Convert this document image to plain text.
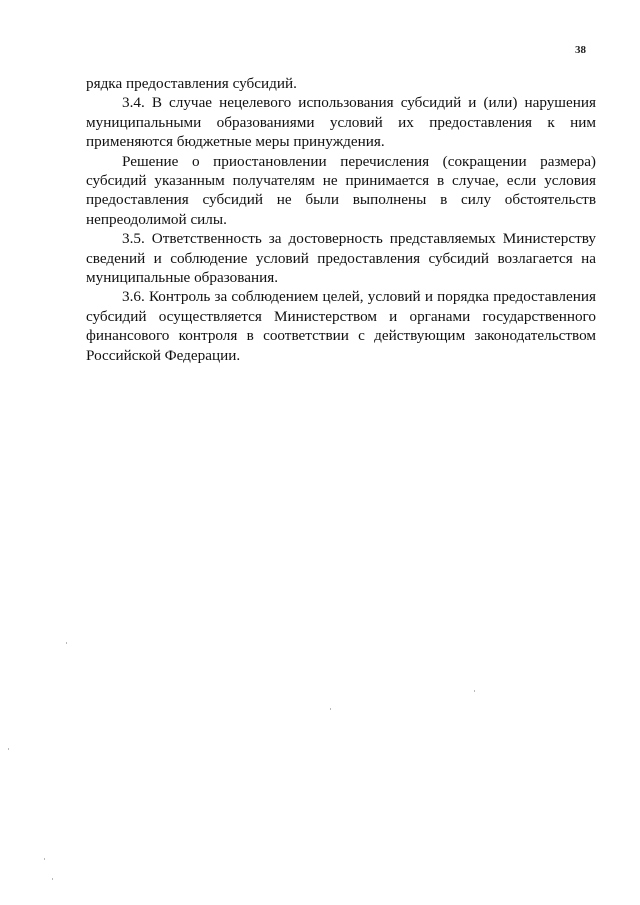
38

рядка предоставления субсидий.

3.4. В случае нецелевого использования субсидий и (или) нарушения муниципальными образованиями условий их предоставления к ним применяются бюджетные меры принуждения.

Решение о приостановлении перечисления (сокращении размера) субсидий указанным получателям не принимается в случае, если условия предоставления субсидий не были выполнены в силу обстоятельств непреодолимой силы.

3.5. Ответственность за достоверность представляемых Министерству сведений и соблюдение условий предоставления субсидий возлагается на муниципальные образования.

3.6. Контроль за соблюдением целей, условий и порядка предоставления субсидий осуществляется Министерством и органами государственного финансового контроля в соответствии с действующим законодательством Российской Федерации.
